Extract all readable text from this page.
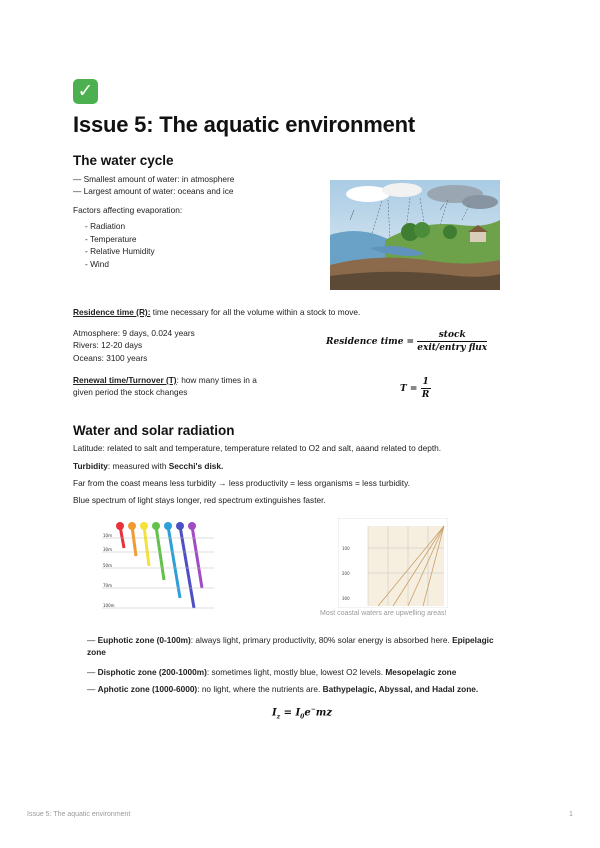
✓
Issue 5: The aquatic environment
The water cycle
— Smallest amount of water: in atmosphere
— Largest amount of water: oceans and ice
Factors affecting evaporation:
- Radiation
- Temperature
- Relative Humidity
- Wind
Residence time (R): time necessary for all the volume within a stock to move.
Atmosphere: 9 days, 0.024 years
Rivers: 12-20 days
Oceans: 3100 years
Residence time = $\frac{\text{stock}}{\text{exit/entry flux}}$
Renewal time/Turnover (T): how many times in a
given period the stock changes	$T = \frac{1}{R}$
Water and solar radiation
Latitude: related to salt and temperature, temperature related to O2 and salt, aaand related to depth.
Turbidity: measured with Secchi's disk.
Far from the coast means less turbidity → less productivity = less organisms = less turbidity.
Blue spectrum of light stays longer, red spectrum extinguishes faster.
10m
30m
50m
70m
100m
100
200
300
Most coastal waters are upwelling areas!
— Euphotic zone (0-100m): always light, primary productivity, 80% solar energy is absorbed here. Epipelagic
zone
— Disphotic zone (200-1000m): sometimes light, mostly blue, lowest O2 levels. Mesopelagic zone
— Aphotic zone (1000-6000): no light, where the nutrients are. Bathypelagic, Abyssal, and Hadal zone.
$I_z = I_0e^-mz$
Issue 5: The aquatic environment	1
